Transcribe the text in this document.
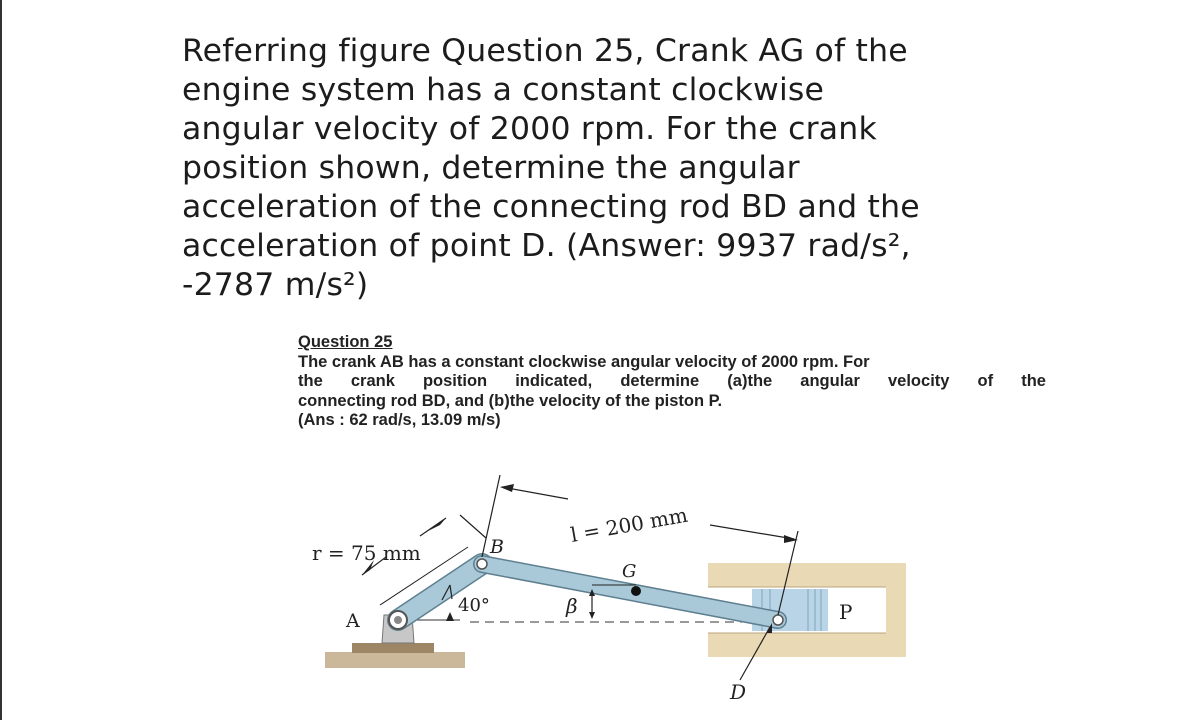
Referring figure Question 25, Crank AG of the
engine system has a constant clockwise
angular velocity of 2000 rpm. For the crank
position shown, determine the angular
acceleration of the connecting rod BD and the
acceleration of point D. (Answer: 9937 rad/s²,
-2787 m/s²)
Question 25
The crank AB has a constant clockwise angular velocity of 2000 rpm. For
the crank position indicated, determine (a)the angular velocity of the
connecting rod BD, and (b)the velocity of the piston P.
(Ans : 62 rad/s, 13.09 m/s)
r = 75 mm	B
l = 200 mm
G
40°	β
A	P
D
